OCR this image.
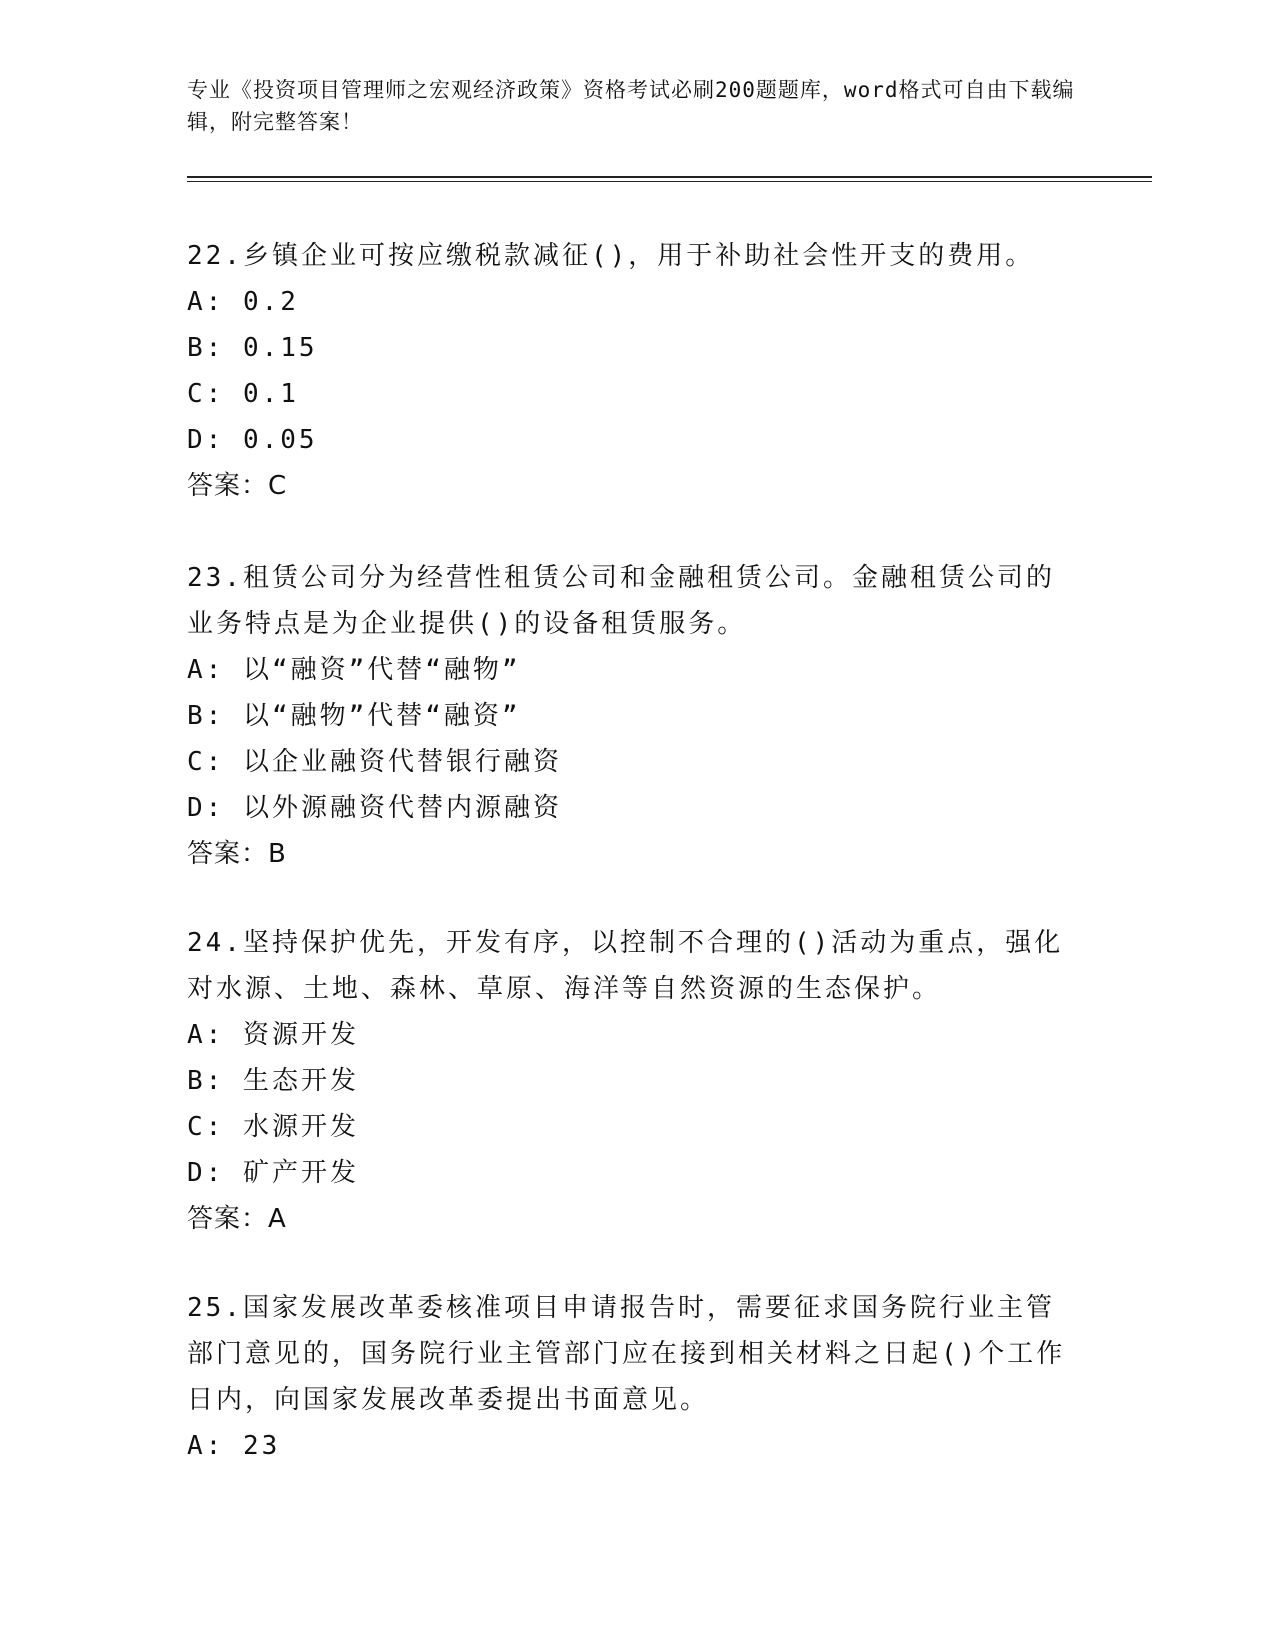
专业《投资项目管理师之宏观经济政策》资格考试必刷200题题库，word格式可自由下载编辑，附完整答案！
22.乡镇企业可按应缴税款减征()，用于补助社会性开支的费用。
A: 0.2
B: 0.15
C: 0.1
D: 0.05
答案：C
23.租赁公司分为经营性租赁公司和金融租赁公司。金融租赁公司的业务特点是为企业提供()的设备租赁服务。
A: 以“融资”代替“融物”
B: 以“融物”代替“融资”
C: 以企业融资代替银行融资
D: 以外源融资代替内源融资
答案：B
24.坚持保护优先，开发有序，以控制不合理的()活动为重点，强化对水源、土地、森林、草原、海洋等自然资源的生态保护。
A: 资源开发
B: 生态开发
C: 水源开发
D: 矿产开发
答案：A
25.国家发展改革委核准项目申请报告时，需要征求国务院行业主管部门意见的，国务院行业主管部门应在接到相关材料之日起()个工作日内，向国家发展改革委提出书面意见。
A: 23
